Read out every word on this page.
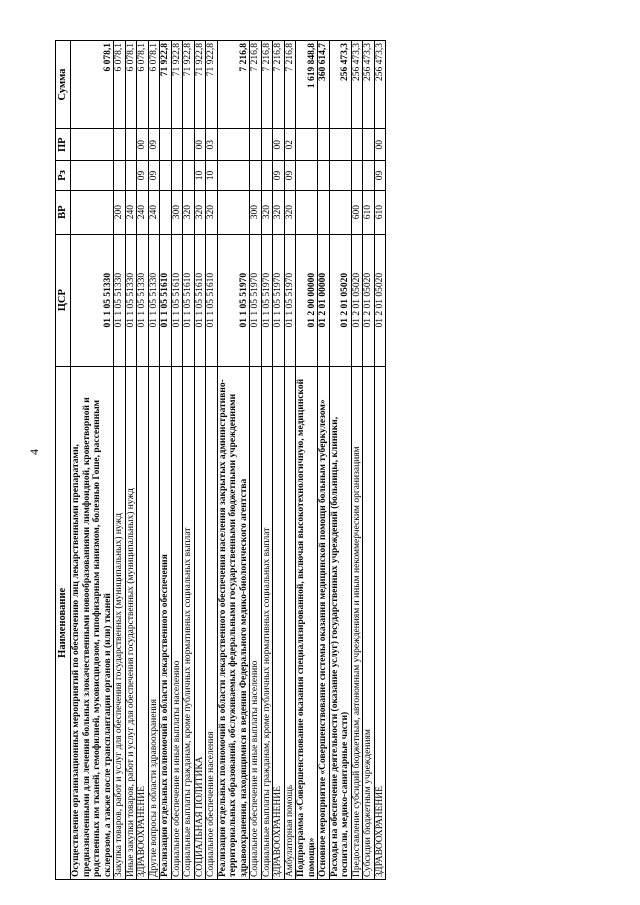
4
Наименование	ЦСР	ВР	Рз	ПР	Сумма
Осуществление организационных мероприятий по обеспечению лиц лекарственными препаратами, предназначенными для лечения больных злокачественными новообразованиями лимфоидной, кроветворной и родственных им тканей, гемофилией, муковисцидозом, гипофизарным нанизмом, болезнью Гоше, рассеянным склерозом, а также после трансплантации органов и (или) тканей	01 1 05 51330				6 078,1
Закупка товаров, работ и услуг для обеспечения государственных (муниципальных) нужд	01 1 05 51330	200			6 078,1
Иные закупки товаров, работ и услуг для обеспечения государственных (муниципальных) нужд	01 1 05 51330	240			6 078,1
ЗДРАВООХРАНЕНИЕ	01 1 05 51330	240	09	00	6 078,1
Другие вопросы в области здравоохранения	01 1 05 51330	240	09	09	6 078,1
Реализация отдельных полномочий в области лекарственного обеспечения	01 1 05 51610				71 922,8
Социальное обеспечение и иные выплаты населению	01 1 05 51610	300			71 922,8
Социальные выплаты гражданам, кроме публичных нормативных социальных выплат	01 1 05 51610	320			71 922,8
СОЦИАЛЬНАЯ ПОЛИТИКА	01 1 05 51610	320	10	00	71 922,8
Социальное обеспечение населения	01 1 05 51610	320	10	03	71 922,8
Реализация отдельных полномочий в области лекарственного обеспечения населения закрытых административно-территориальных образований, обслуживаемых федеральными государственными бюджетными учреждениями здравоохранения, находящимися в ведении Федерального медико-биологического агентства	01 1 05 51970				7 216,8
Социальное обеспечение и иные выплаты населению	01 1 05 51970	300			7 216,8
Социальные выплаты гражданам, кроме публичных нормативных социальных выплат	01 1 05 51970	320			7 216,8
ЗДРАВООХРАНЕНИЕ	01 1 05 51970	320	09	00	7 216,8
Амбулаторная помощь	01 1 05 51970	320	09	02	7 216,8
Подпрограмма «Совершенствование оказания специализированной, включая высокотехнологичную, медицинской помощи»	01 2 00 00000				1 619 848,8
Основное мероприятие «Совершенствование системы оказания медицинской помощи больным туберкулезом»	01 2 01 00000				360 614,7
Расходы на обеспечение деятельности (оказание услуг) государственных учреждений (больницы, клиники, госпитали, медико-санитарные части)	01 2 01 05020				256 473,3
Предоставление субсидий бюджетным, автономным учреждениям и иным некоммерческим организациям	01 2 01 05020	600			256 473,3
Субсидии бюджетным учреждениям	01 2 01 05020	610			256 473,3
ЗДРАВООХРАНЕНИЕ	01 2 01 05020	610	09	00	256 473,3
